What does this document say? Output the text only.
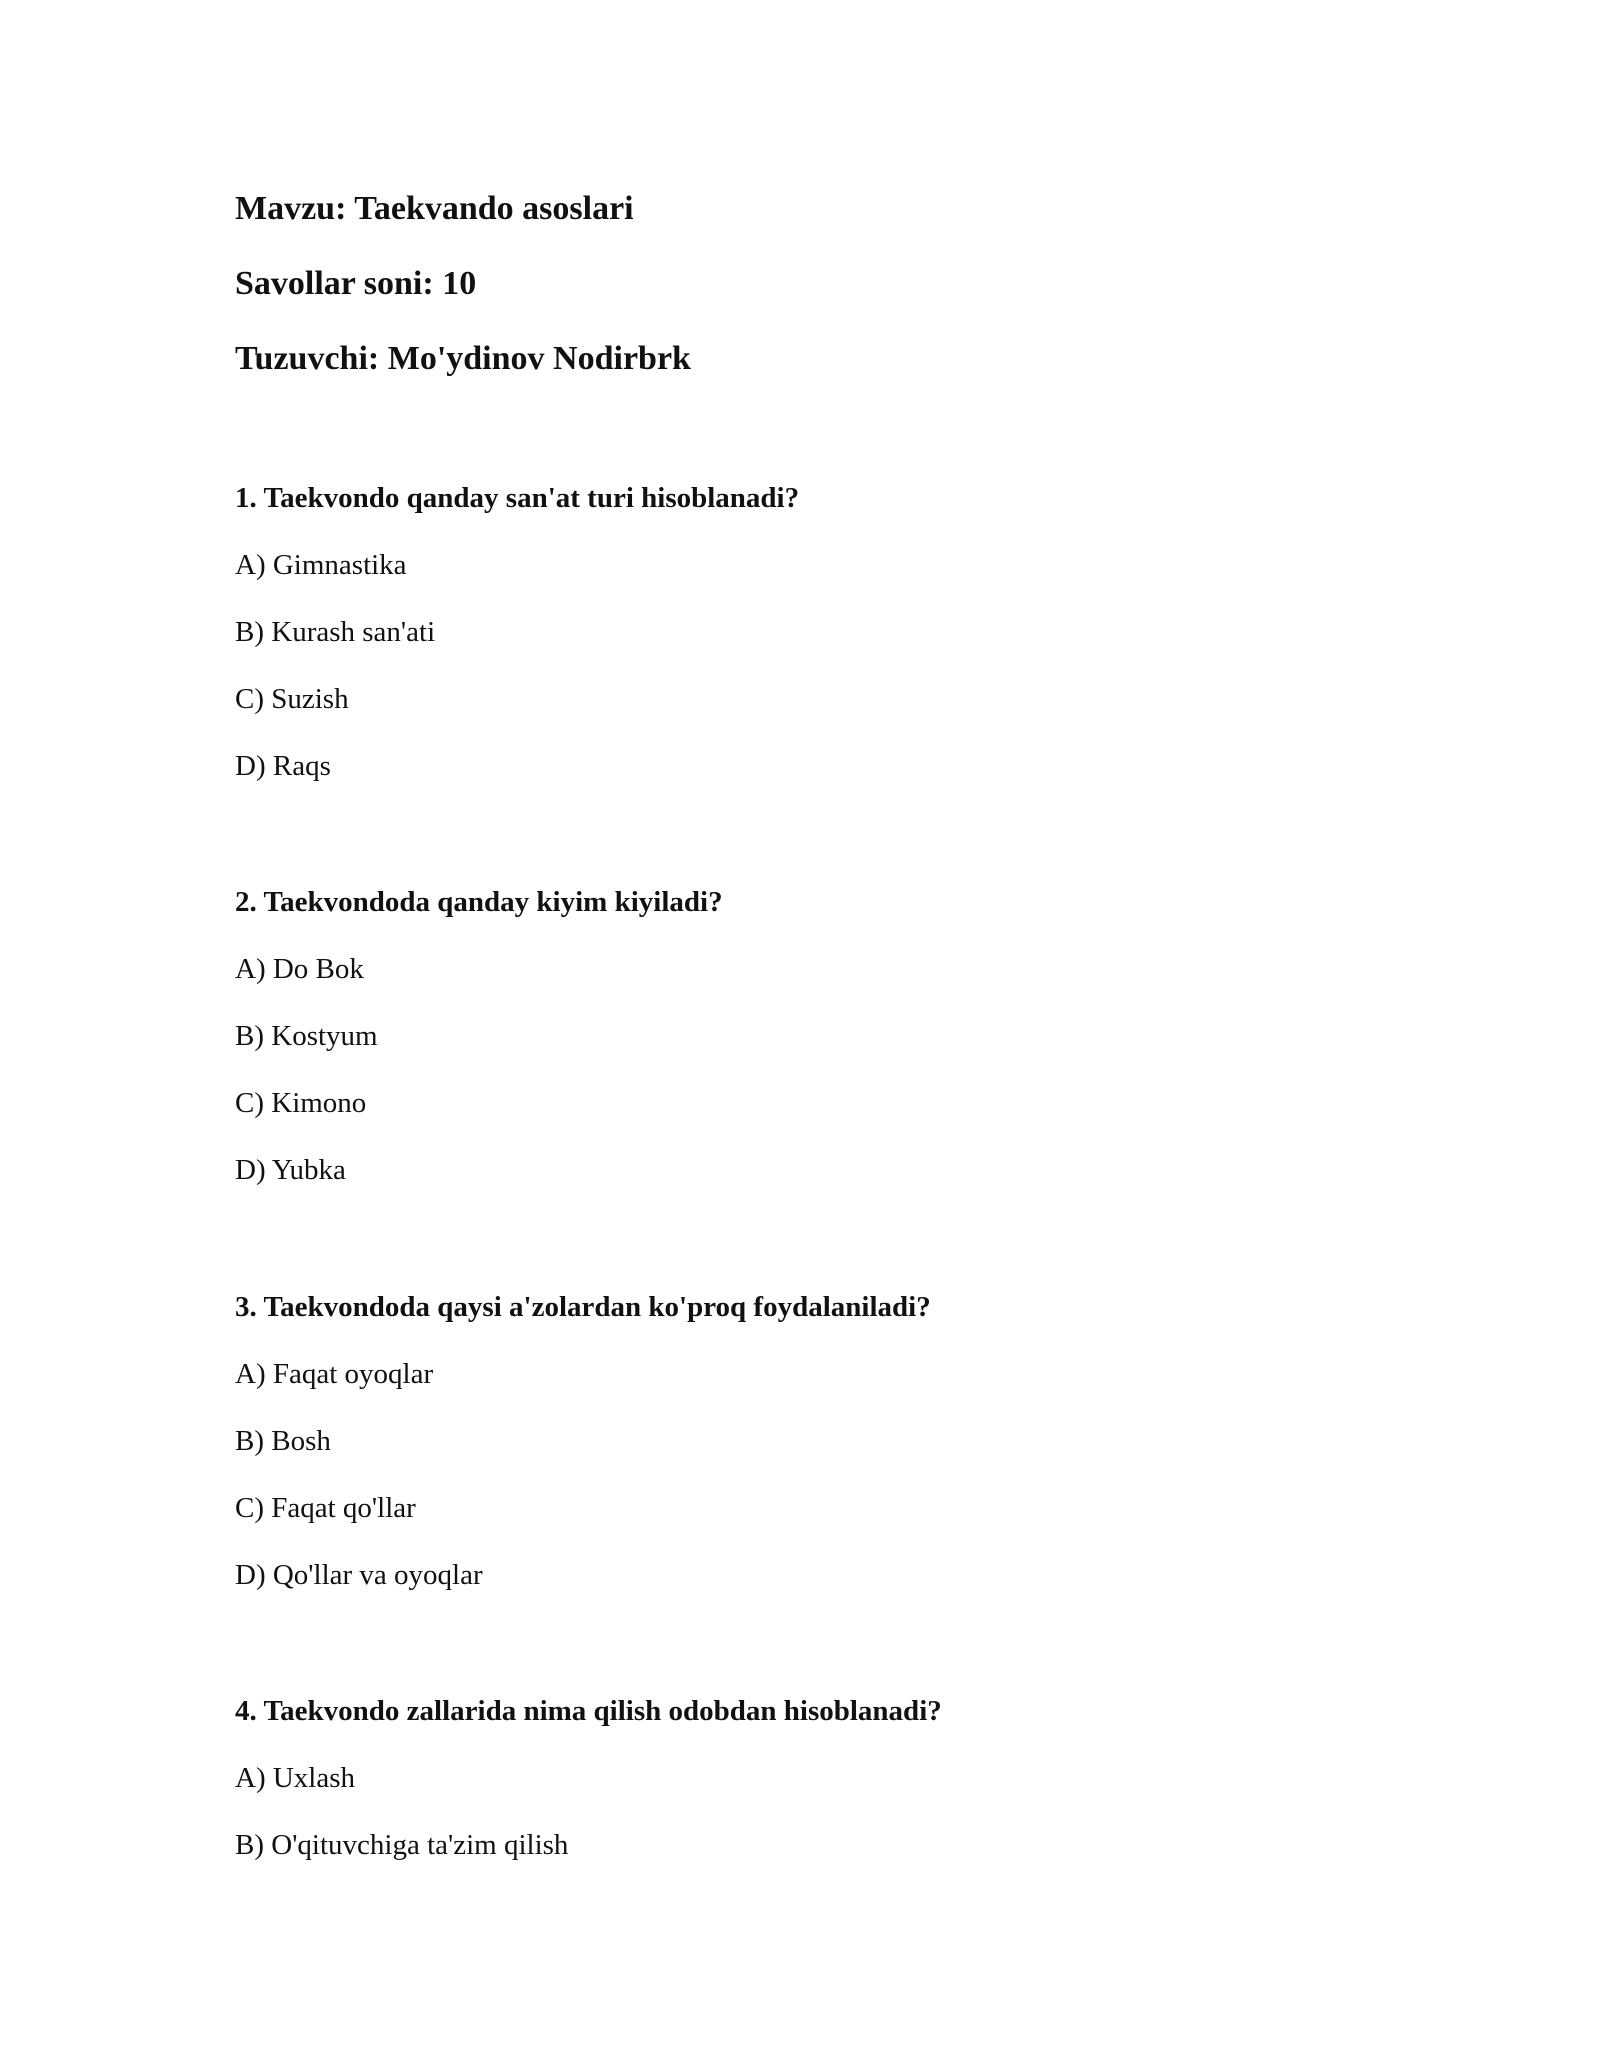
Mavzu: Taekvando asoslari
Savollar soni: 10
Tuzuvchi: Mo'ydinov Nodirbrk
1. Taekvondo qanday san'at turi hisoblanadi?
A) Gimnastika
B) Kurash san'ati
C) Suzish
D) Raqs
2. Taekvondoda qanday kiyim kiyiladi?
A) Do Bok
B) Kostyum
C) Kimono
D) Yubka
3. Taekvondoda qaysi a'zolardan ko'proq foydalaniladi?
A) Faqat oyoqlar
B) Bosh
C) Faqat qo'llar
D) Qo'llar va oyoqlar
4. Taekvondo zallarida nima qilish odobdan hisoblanadi?
A) Uxlash
B) O'qituvchiga ta'zim qilish
